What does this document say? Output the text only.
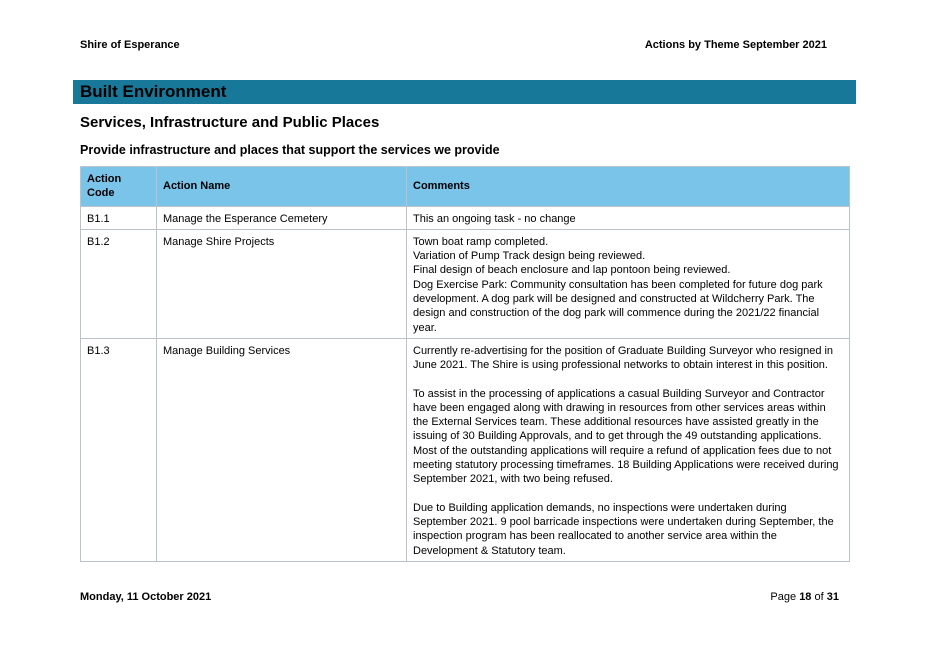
Shire of Esperance	Actions by Theme September 2021
Built Environment
Services, Infrastructure and Public Places
Provide infrastructure and places that support the services we provide
Action Code	Action Name	Comments
B1.1	Manage the Esperance Cemetery	This an ongoing task - no change

B1.2	Manage Shire Projects	Town boat ramp completed.
Variation of Pump Track design being reviewed.
Final design of beach enclosure and lap pontoon being reviewed.
Dog Exercise Park: Community consultation has been completed for future dog park development. A dog park will be designed and constructed at Wildcherry Park. The design and construction of the dog park will commence during the 2021/22 financial year.

B1.3	Manage Building Services	Currently re-advertising for the position of Graduate Building Surveyor who resigned in June 2021. The Shire is using professional networks to obtain interest in this position.
To assist in the processing of applications a casual Building Surveyor and Contractor have been engaged along with drawing in resources from other services areas within the External Services team. These additional resources have assisted greatly in the issuing of 30 Building Approvals, and to get through the 49 outstanding applications. Most of the outstanding applications will require a refund of application fees due to not meeting statutory processing timeframes. 18 Building Applications were received during September 2021, with two being refused.
Due to Building application demands, no inspections were undertaken during September 2021. 9 pool barricade inspections were undertaken during September, the inspection program has been reallocated to another service area within the Development & Statutory team.
Monday, 11 October 2021	Page 18 of 31
